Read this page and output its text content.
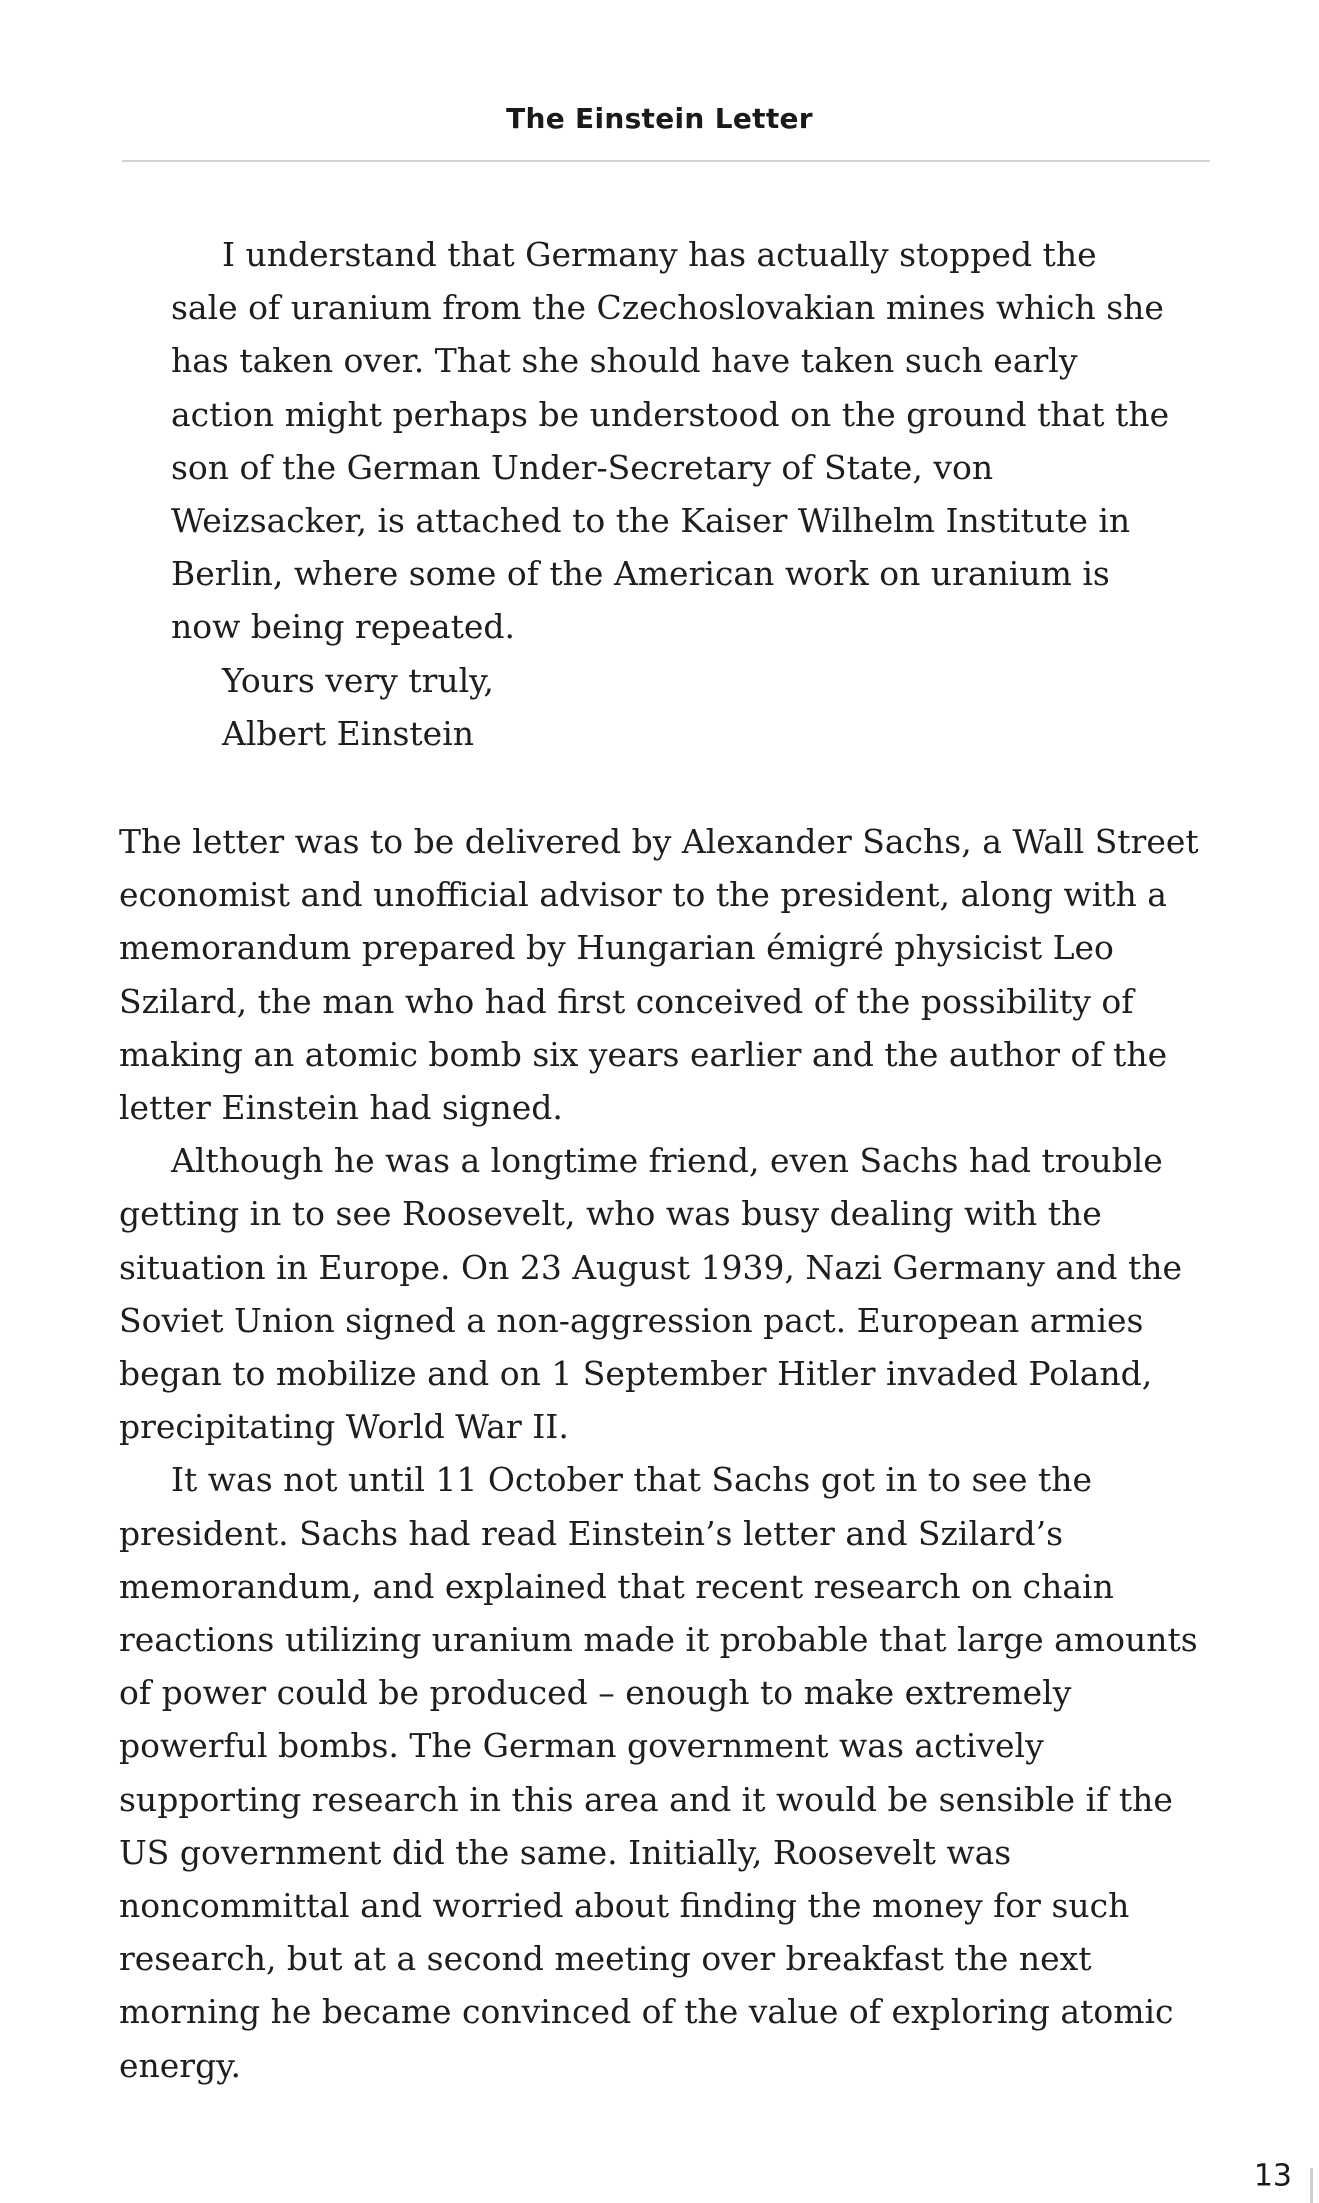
The Einstein Letter

I understand that Germany has actually stopped the sale of uranium from the Czechoslovakian mines which she has taken over. That she should have taken such early action might perhaps be understood on the ground that the son of the German Under-Secretary of State, von Weizsacker, is attached to the Kaiser Wilhelm Institute in Berlin, where some of the American work on uranium is now being repeated.

Yours very truly,
Albert Einstein

The letter was to be delivered by Alexander Sachs, a Wall Street economist and unofficial advisor to the president, along with a memorandum prepared by Hungarian émigré physicist Leo Szilard, the man who had first conceived of the possibility of making an atomic bomb six years earlier and the author of the letter Einstein had signed.

Although he was a longtime friend, even Sachs had trouble getting in to see Roosevelt, who was busy dealing with the situation in Europe. On 23 August 1939, Nazi Germany and the Soviet Union signed a non-aggression pact. European armies began to mobilize and on 1 September Hitler invaded Poland, precipitating World War II.

It was not until 11 October that Sachs got in to see the president. Sachs had read Einstein’s letter and Szilard’s memorandum, and explained that recent research on chain reactions utilizing uranium made it probable that large amounts of power could be produced – enough to make extremely powerful bombs. The German government was actively supporting research in this area and it would be sensible if the US government did the same. Initially, Roosevelt was noncommittal and worried about finding the money for such research, but at a second meeting over breakfast the next morning he became convinced of the value of exploring atomic energy.

13
